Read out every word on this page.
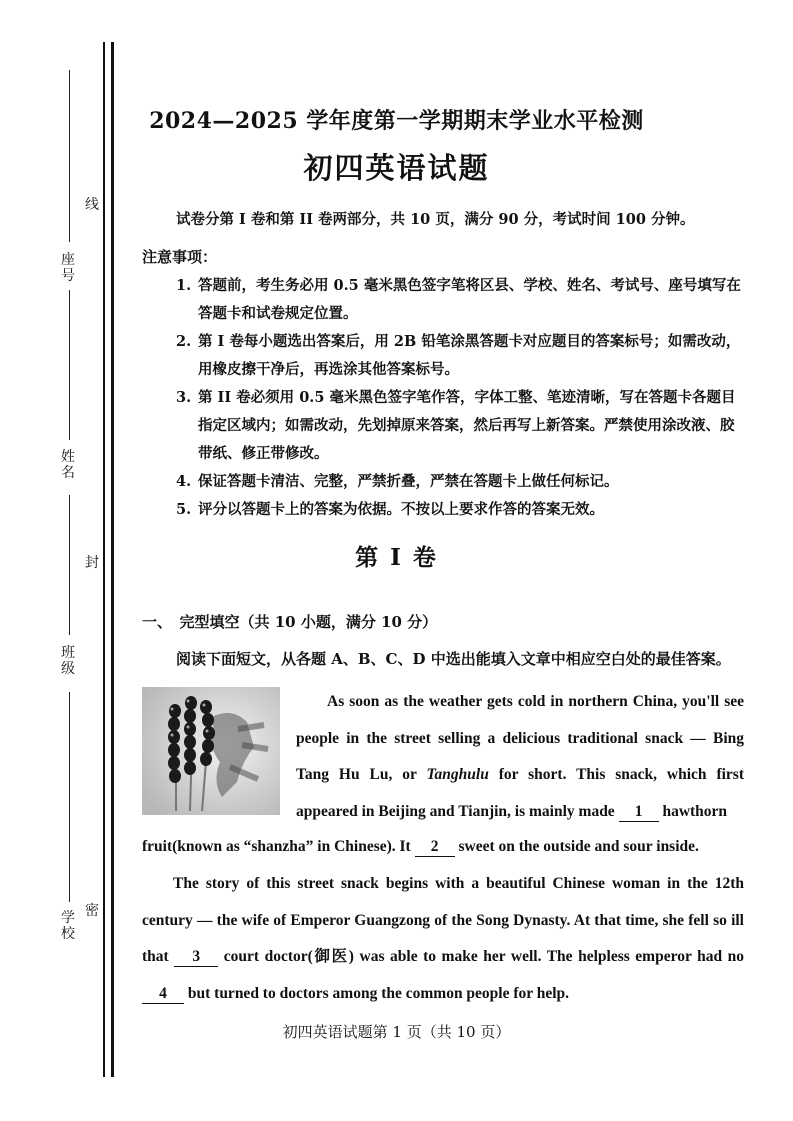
座号
姓名
班级
学校
线
封
密
2024—2025 学年度第一学期期末学业水平检测
初四英语试题
试卷分第 I 卷和第 II 卷两部分，共 10 页，满分 90 分，考试时间 100 分钟。
注意事项：
1. 答题前，考生务必用 0.5 毫米黑色签字笔将区县、学校、姓名、考试号、座号填写在答题卡和试卷规定位置。
2. 第 I 卷每小题选出答案后，用 2B 铅笔涂黑答题卡对应题目的答案标号；如需改动，用橡皮擦干净后，再选涂其他答案标号。
3. 第 II 卷必须用 0.5 毫米黑色签字笔作答，字体工整、笔迹清晰，写在答题卡各题目指定区域内；如需改动，先划掉原来答案，然后再写上新答案。严禁使用涂改液、胶带纸、修正带修改。
4. 保证答题卡清洁、完整，严禁折叠，严禁在答题卡上做任何标记。
5. 评分以答题卡上的答案为依据。不按以上要求作答的答案无效。
第 I 卷
一、　完型填空（共 10 小题，满分 10 分）
阅读下面短文，从各题 A、B、C、D 中选出能填入文章中相应空白处的最佳答案。
As soon as the weather gets cold in northern China, you'll see people in the street selling a delicious traditional snack — Bing Tang Hu Lu, or Tanghulu for short. This snack, which first appeared in Beijing and Tianjin, is mainly made 1 hawthorn
fruit(known as “shanzha” in Chinese). It 2 sweet on the outside and sour inside.
The story of this street snack begins with a beautiful Chinese woman in the 12th century — the wife of Emperor Guangzong of the Song Dynasty. At that time, she fell so ill that 3 court doctor(御医) was able to make her well. The helpless emperor had no 4 but turned to doctors among the common people for help.
初四英语试题第 1 页（共 10 页）
